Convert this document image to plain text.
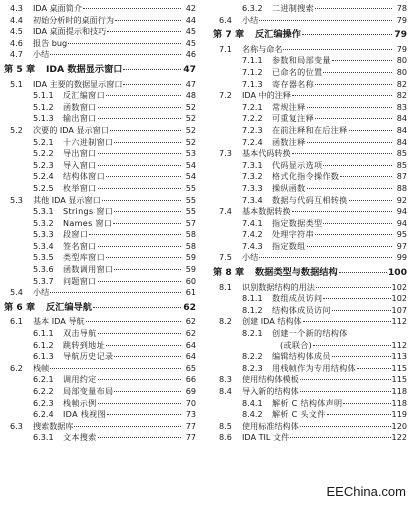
4.3	IDA 桌面简介	42
4.4	初始分析时的桌面行为	44
4.5	IDA 桌面提示和技巧	45
4.6	报告 bug	45
4.7	小结	46
第 5 章	IDA 数据显示窗口	47
5.1	IDA 主要的数据显示窗口	47
5.1.1	反汇编窗口	48
5.1.2	函数窗口	52
5.1.3	输出窗口	52
5.2	次要的 IDA 显示窗口	52
5.2.1	十六进制窗口	52
5.2.2	导出窗口	53
5.2.3	导入窗口	54
5.2.4	结构体窗口	54
5.2.5	枚举窗口	55
5.3	其他 IDA 显示窗口	55
5.3.1	Strings 窗口	55
5.3.2	Names 窗口	57
5.3.3	段窗口	58
5.3.4	签名窗口	58
5.3.5	类型库窗口	59
5.3.6	函数调用窗口	59
5.3.7	问题窗口	60
5.4	小结	61
第 6 章	反汇编导航	62
6.1	基本 IDA 导航	62
6.1.1	双击导航	62
6.1.2	跳转到地址	64
6.1.3	导航历史记录	64
6.2	栈帧	65
6.2.1	调用约定	66
6.2.2	局部变量布局	69
6.2.3	栈帧示例	70
6.2.4	IDA 栈视图	73
6.3	搜索数据库	77
6.3.1	文本搜索	77
6.3.2	二进制搜索	78
6.4	小结	79
第 7 章	反汇编操作	79
7.1	名称与命名	79
7.1.1	参数和局部变量	80
7.1.2	已命名的位置	80
7.1.3	寄存器名称	82
7.2	IDA 中的注释	82
7.2.1	常规注释	83
7.2.2	可重复注释	84
7.2.3	在前注释和在后注释	84
7.2.4	函数注释	84
7.3	基本代码转换	85
7.3.1	代码显示选项	85
7.3.2	格式化指令操作数	87
7.3.3	操纵函数	88
7.3.4	数据与代码互相转换	92
7.4	基本数据转换	94
7.4.1	指定数据类型	94
7.4.2	处理字符串	95
7.4.3	指定数组	97
7.5	小结	99
第 8 章	数据类型与数据结构	100
8.1	识别数据结构的用法	102
8.1.1	数组成员访问	102
8.1.2	结构体成员访问	107
8.2	创建 IDA 结构体	112
8.2.1	创建一个新的结构体
(或联合)	112
8.2.2	编辑结构体成员	113
8.2.3	用栈帧作为专用结构体	115
8.3	使用结构体模板	115
8.4	导入新的结构体	118
8.4.1	解析 C 结构体声明	118
8.4.2	解析 C 头文件	119
8.5	使用标准结构体	120
8.6	IDA TIL 文件	122
EEChina.com
